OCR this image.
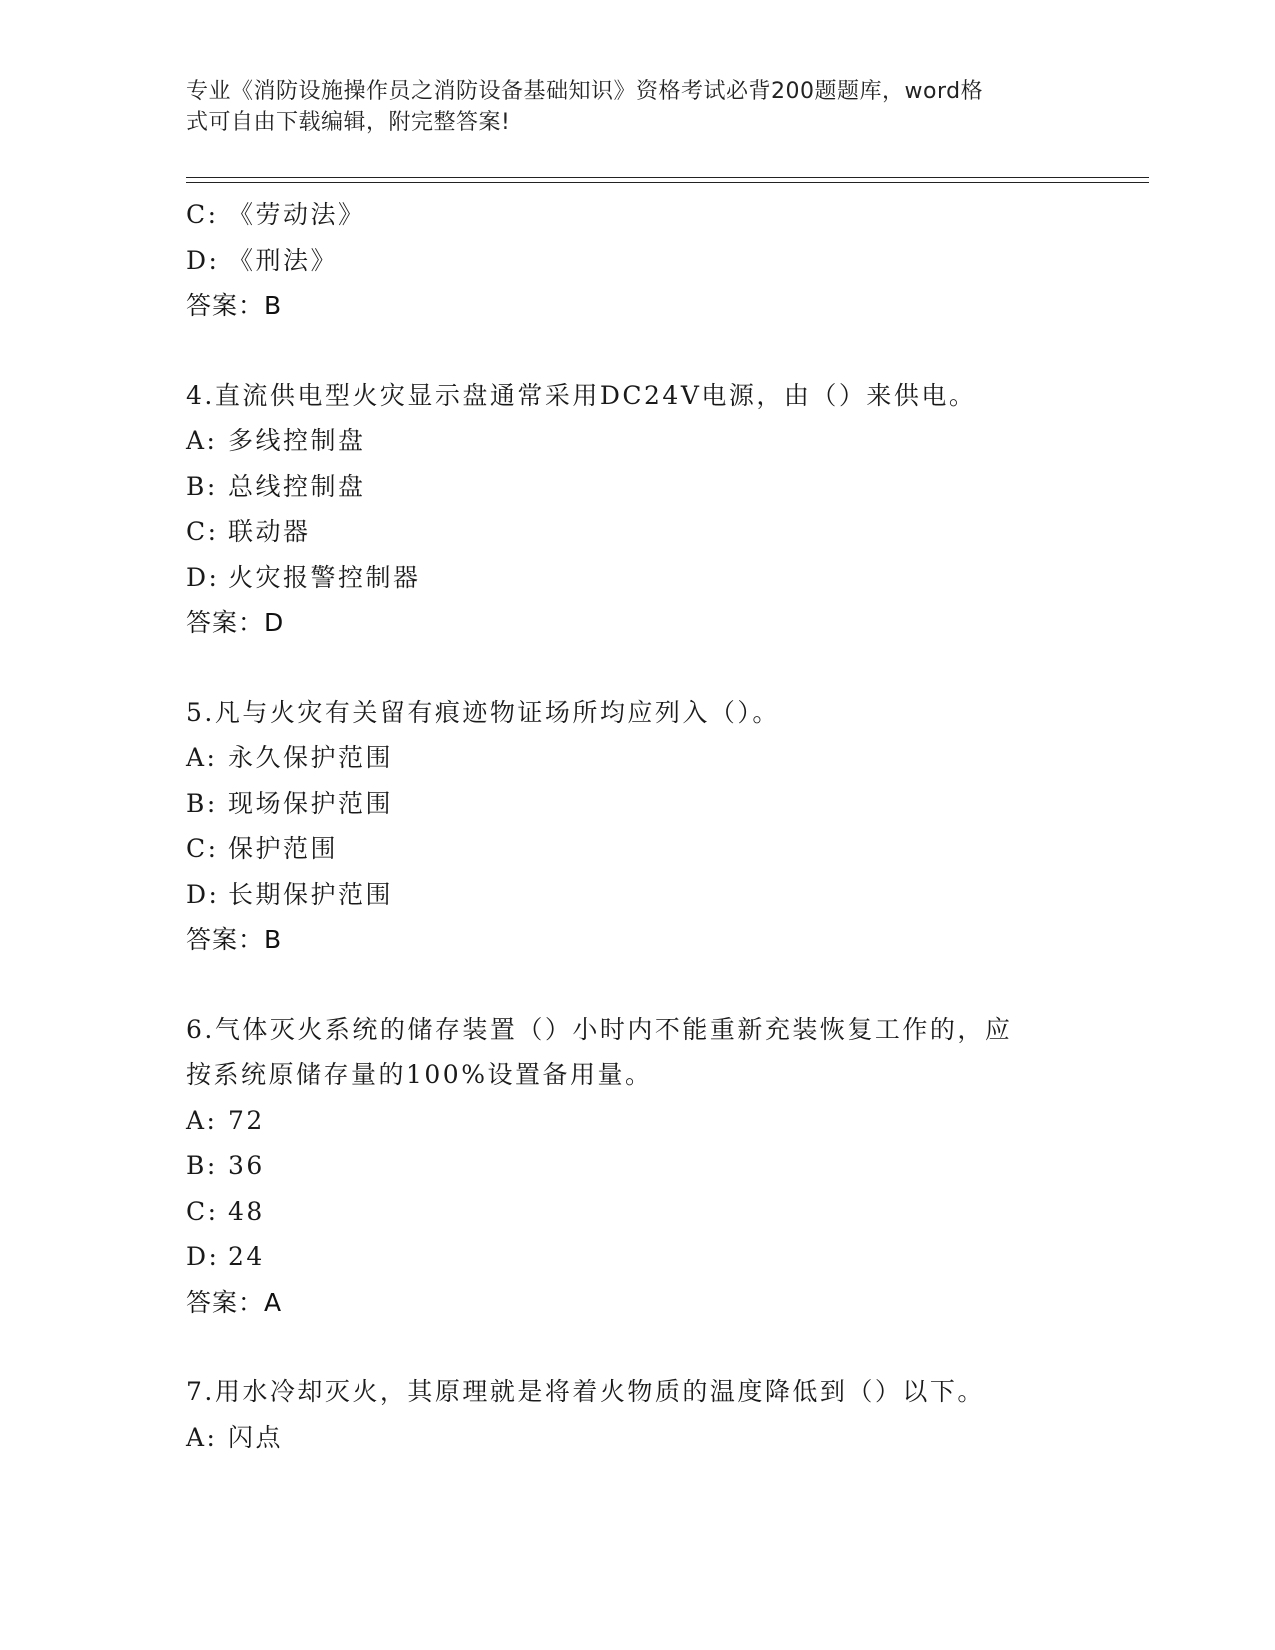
专业《消防设施操作员之消防设备基础知识》资格考试必背200题题库，word格
式可自由下载编辑，附完整答案!
C: 《劳动法》
D: 《刑法》
答案：B
4.直流供电型火灾显示盘通常采用DC24V电源，由（）来供电。
A: 多线控制盘
B: 总线控制盘
C: 联动器
D: 火灾报警控制器
答案：D
5.凡与火灾有关留有痕迹物证场所均应列入（）。
A: 永久保护范围
B: 现场保护范围
C: 保护范围
D: 长期保护范围
答案：B
6.气体灭火系统的储存装置（）小时内不能重新充装恢复工作的，应
按系统原储存量的100%设置备用量。
A: 72
B: 36
C: 48
D: 24
答案：A
7.用水冷却灭火，其原理就是将着火物质的温度降低到（）以下。
A: 闪点
